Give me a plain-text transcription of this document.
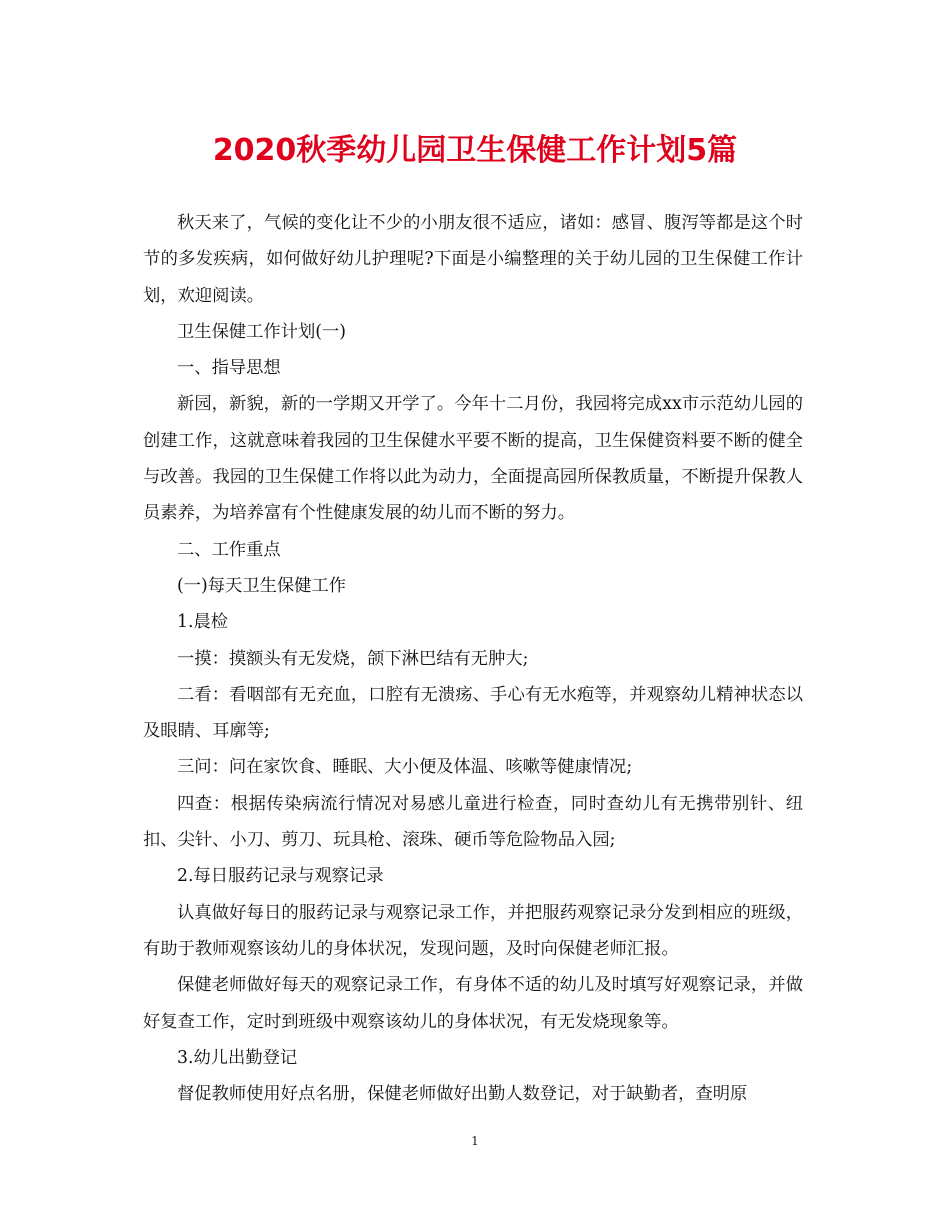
2020秋季幼儿园卫生保健工作计划5篇

秋天来了，气候的变化让不少的小朋友很不适应，诸如：感冒、腹泻等都是这个时节的多发疾病，如何做好幼儿护理呢?下面是小编整理的关于幼儿园的卫生保健工作计划，欢迎阅读。

卫生保健工作计划(一)

一、指导思想

新园，新貌，新的一学期又开学了。今年十二月份，我园将完成xx市示范幼儿园的创建工作，这就意味着我园的卫生保健水平要不断的提高，卫生保健资料要不断的健全与改善。我园的卫生保健工作将以此为动力，全面提高园所保教质量，不断提升保教人员素养，为培养富有个性健康发展的幼儿而不断的努力。

二、工作重点

(一)每天卫生保健工作

1.晨检

一摸：摸额头有无发烧，颌下淋巴结有无肿大;

二看：看咽部有无充血，口腔有无溃疡、手心有无水疱等，并观察幼儿精神状态以及眼睛、耳廓等;

三问：问在家饮食、睡眠、大小便及体温、咳嗽等健康情况;

四查：根据传染病流行情况对易感儿童进行检查，同时查幼儿有无携带别针、纽扣、尖针、小刀、剪刀、玩具枪、滚珠、硬币等危险物品入园;

2.每日服药记录与观察记录

认真做好每日的服药记录与观察记录工作，并把服药观察记录分发到相应的班级，有助于教师观察该幼儿的身体状况，发现问题，及时向保健老师汇报。

保健老师做好每天的观察记录工作，有身体不适的幼儿及时填写好观察记录，并做好复查工作，定时到班级中观察该幼儿的身体状况，有无发烧现象等。

3.幼儿出勤登记

督促教师使用好点名册，保健老师做好出勤人数登记，对于缺勤者，查明原

1
